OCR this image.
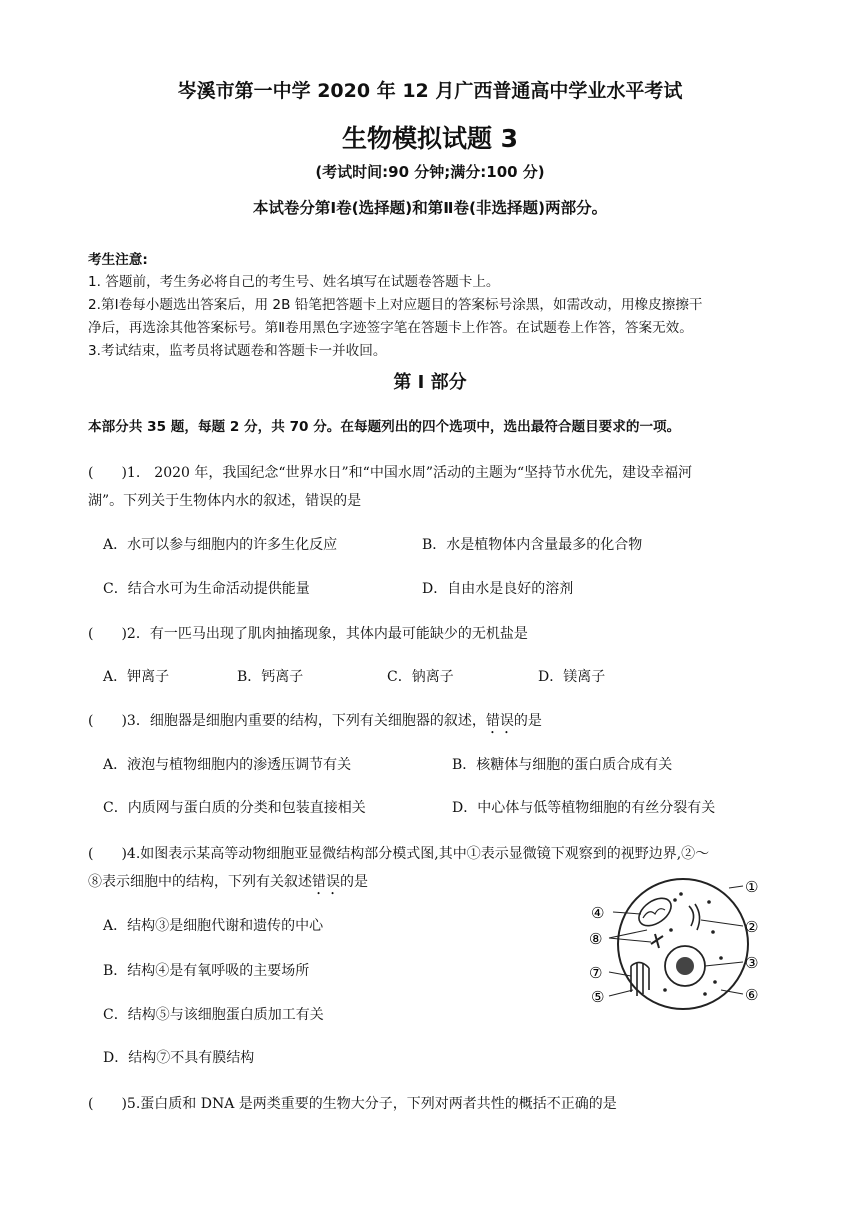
岑溪市第一中学 2020 年 12 月广西普通高中学业水平考试
生物模拟试题 3
(考试时间:90 分钟;满分:100 分)
本试卷分第Ⅰ卷(选择题)和第Ⅱ卷(非选择题)两部分。
考生注意:
1. 答题前，考生务必将自己的考生号、姓名填写在试题卷答题卡上。
2.第Ⅰ卷每小题选出答案后，用 2B 铅笔把答题卡上对应题目的答案标号涂黑，如需改动，用橡皮擦擦干
净后，再选涂其他答案标号。第Ⅱ卷用黑色字迹签字笔在答题卡上作答。在试题卷上作答，答案无效。
3.考试结束，监考员将试题卷和答题卡一并收回。
第 I 部分
本部分共 35 题，每题 2 分，共 70 分。在每题列出的四个选项中，选出最符合题目要求的一项。
(　　)1.　2020 年，我国纪念“世界水日”和“中国水周”活动的主题为“坚持节水优先，建设幸福河
湖”。下列关于生物体内水的叙述，错误的是
A．水可以参与细胞内的许多生化反应	B．水是植物体内含量最多的化合物
C．结合水可为生命活动提供能量	D．自由水是良好的溶剂
(　　)2．有一匹马出现了肌肉抽搐现象，其体内最可能缺少的无机盐是
A．钾离子	B．钙离子	C．钠离子	D．镁离子
(　　)3．细胞器是细胞内重要的结构，下列有关细胞器的叙述，错误的是
A．液泡与植物细胞内的渗透压调节有关	B．核糖体与细胞的蛋白质合成有关
C．内质网与蛋白质的分类和包装直接相关	D．中心体与低等植物细胞的有丝分裂有关
(　　)4.如图表示某高等动物细胞亚显微结构部分模式图,其中①表示显微镜下观察到的视野边界,②～
⑧表示细胞中的结构，下列有关叙述错误的是
A．结构③是细胞代谢和遗传的中心
B．结构④是有氧呼吸的主要场所
C．结构⑤与该细胞蛋白质加工有关
D．结构⑦不具有膜结构
①
②
③
⑥
④
⑧
⑦
⑤
(　　)5.蛋白质和 DNA 是两类重要的生物大分子，下列对两者共性的概括不正确的是
